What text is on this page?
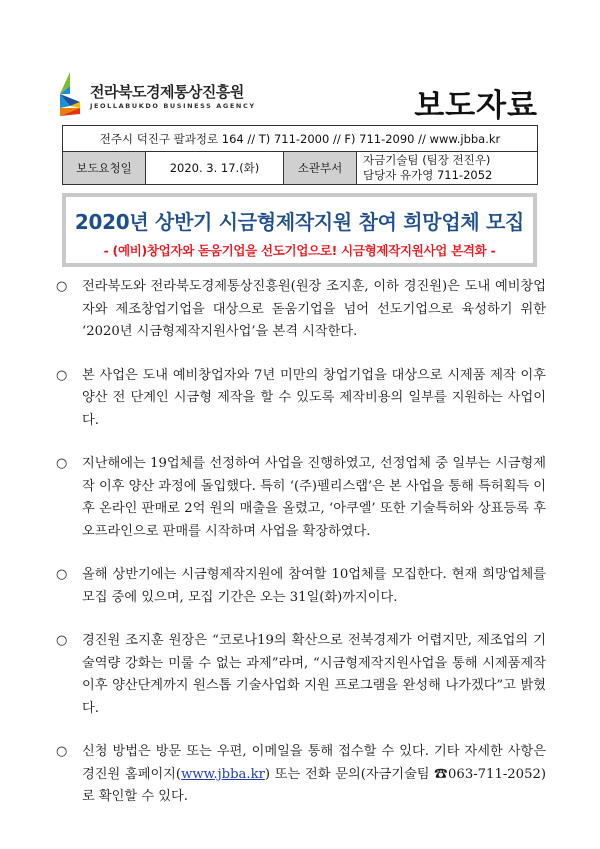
전라북도경제통상진흥원
JEOLLABUKDO BUSINESS AGENCY	보도자료
전주시 덕진구 팔과정로 164 // T) 711-2000 // F) 711-2090 // www.jbba.kr
보도요청일	2020. 3. 17.(화)	소관부서	
자금기술팀 (팀장 전진우)
담당자 유가영 711-2052
2020년 상반기 시금형제작지원 참여 희망업체 모집
- (예비)창업자와 돋움기업을 선도기업으로! 시금형제작지원사업 본격화 -
○	전라북도와 전라북도경제통상진흥원(원장 조지훈, 이하 경진원)은 도내 예비창업자와 제조창업기업을 대상으로 돋움기업을 넘어 선도기업으로 육성하기 위한 ‘2020년 시금형제작지원사업’을 본격 시작한다.
○	본 사업은 도내 예비창업자와 7년 미만의 창업기업을 대상으로 시제품 제작 이후 양산 전 단계인 시금형 제작을 할 수 있도록 제작비용의 일부를 지원하는 사업이다.
○	지난해에는 19업체를 선정하여 사업을 진행하였고, 선정업체 중 일부는 시금형제작 이후 양산 과정에 돌입했다. 특히 ‘(주)펠리스랩’은 본 사업을 통해 특허획득 이후 온라인 판매로 2억 원의 매출을 올렸고, ‘아쿠엘’ 또한 기술특허와 상표등록 후 오프라인으로 판매를 시작하며 사업을 확장하였다.
○	올해 상반기에는 시금형제작지원에 참여할 10업체를 모집한다. 현재 희망업체를 모집 중에 있으며, 모집 기간은 오는 31일(화)까지이다.
○	경진원 조지훈 원장은 “코로나19의 확산으로 전북경제가 어렵지만, 제조업의 기술역량 강화는 미룰 수 없는 과제”라며, “시금형제작지원사업을 통해 시제품제작 이후 양산단계까지 원스톱 기술사업화 지원 프로그램을 완성해 나가겠다”고 밝혔다.
○	신청 방법은 방문 또는 우편, 이메일을 통해 접수할 수 있다. 기타 자세한 사항은 경진원 홈페이지(www.jbba.kr) 또는 전화 문의(자금기술팀 ☎063-711-2052)로 확인할 수 있다.
